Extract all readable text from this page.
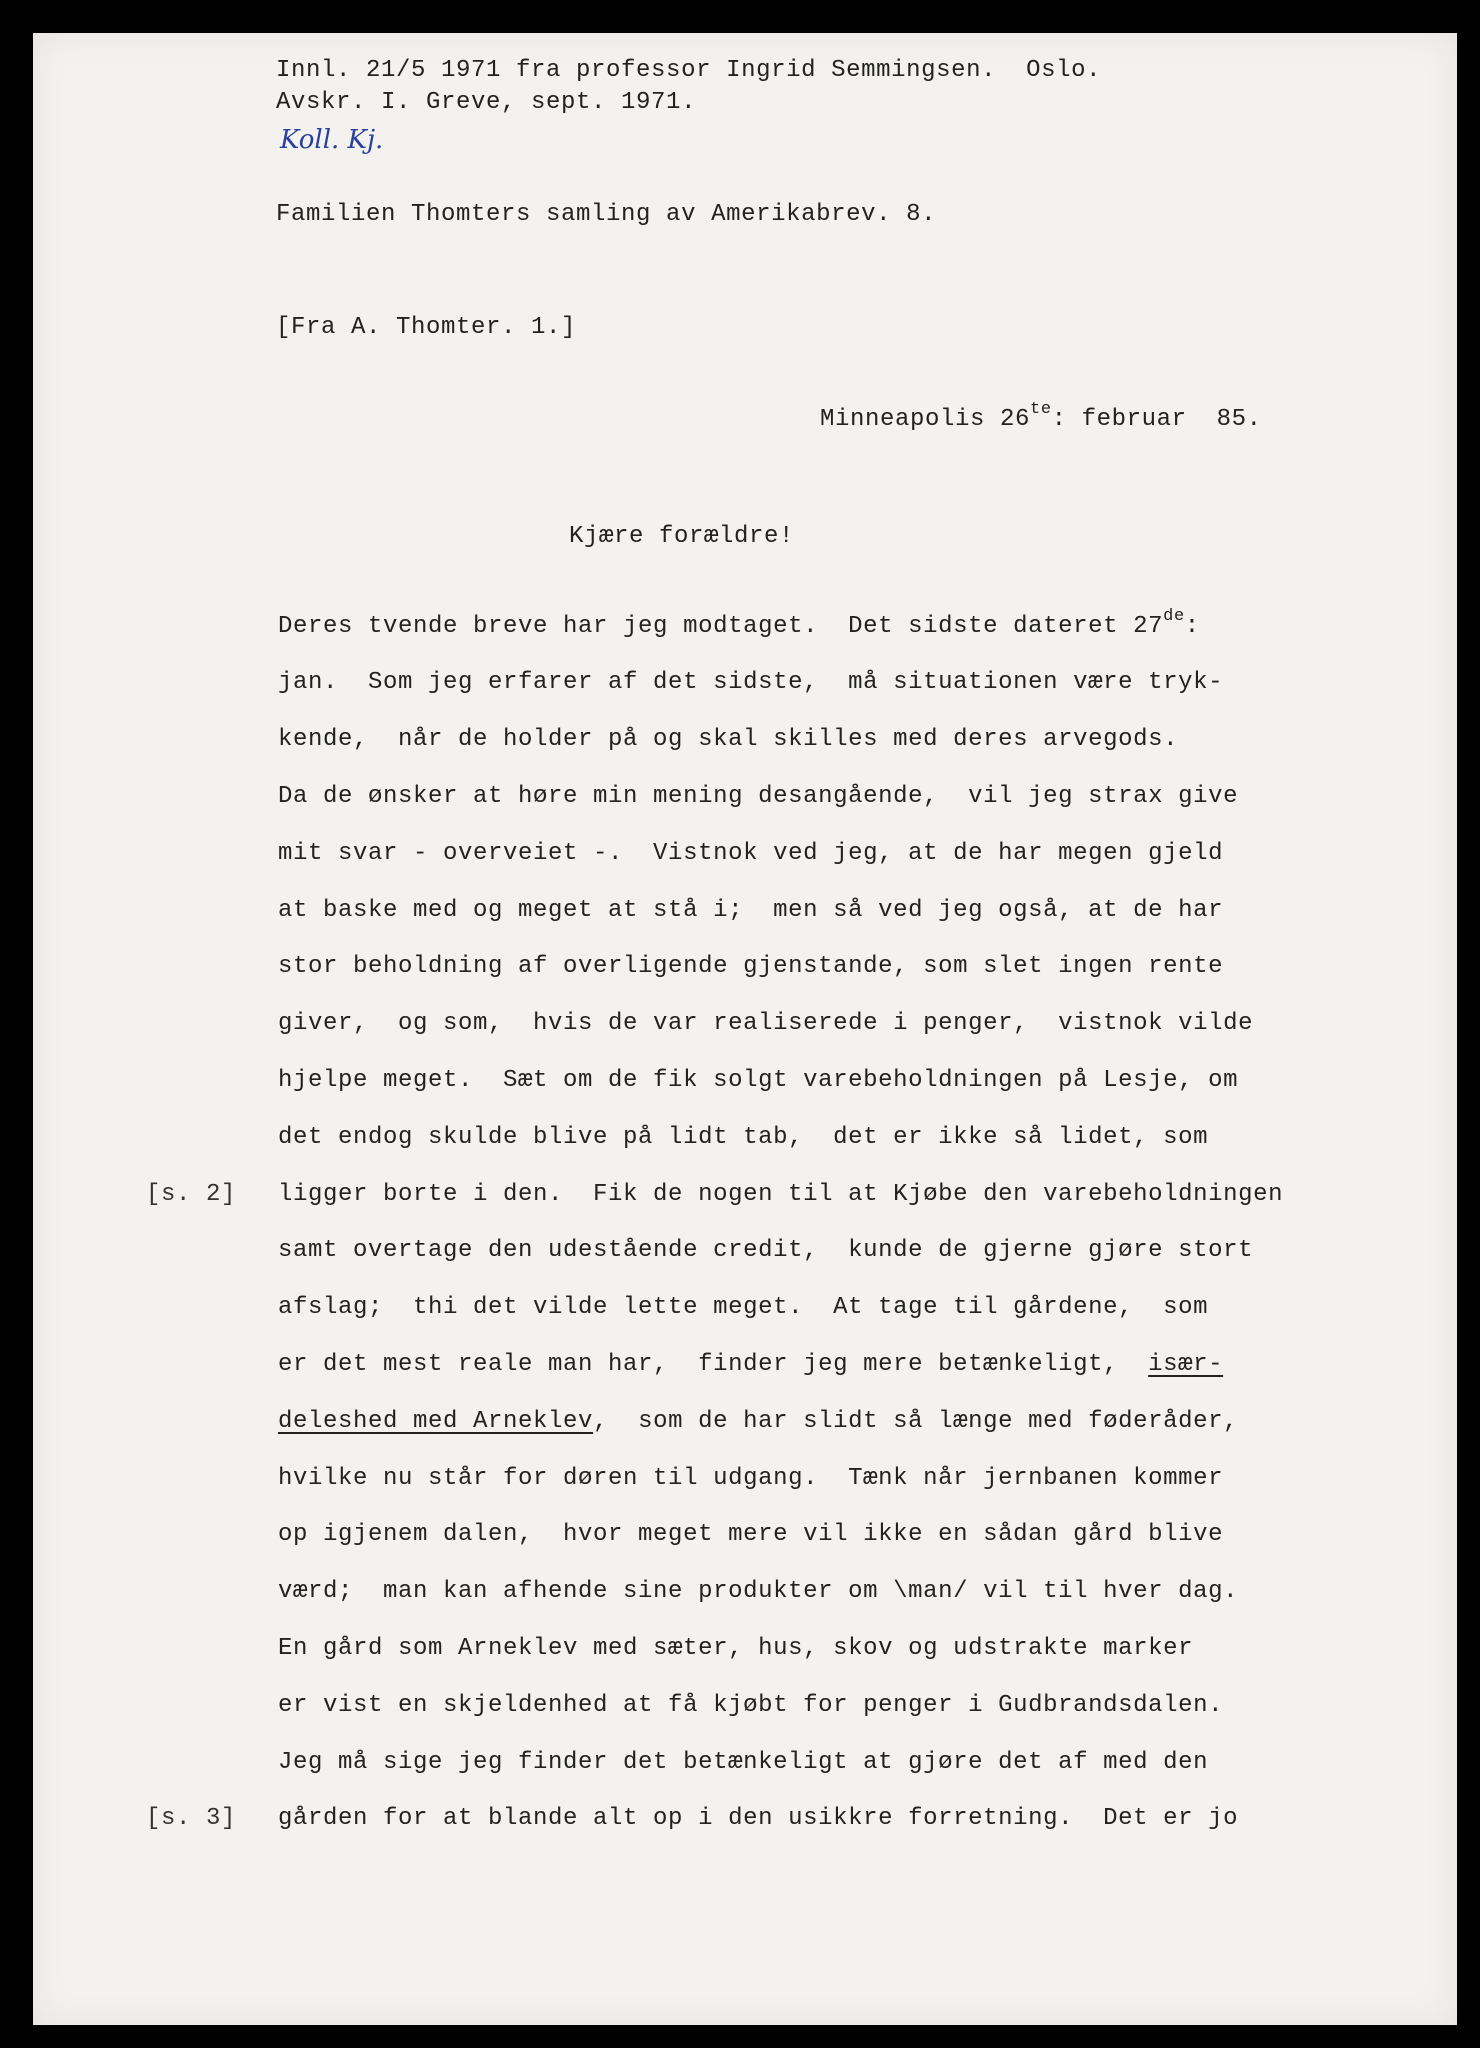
Innl. 21/5 1971 fra professor Ingrid Semmingsen.  Oslo.
Avskr. I. Greve, sept. 1971.
Koll. Kj.
Familien Thomters samling av Amerikabrev. 8.
[Fra A. Thomter. 1.]
Minneapolis $26^{te}$: februar  85.
Kjære forældre!
Deres tvende breve har jeg modtaget.  Det sidste dateret 27de:
jan.  Som jeg erfarer af det sidste,  må situationen være tryk-
kende,  når de holder på og skal skilles med deres arvegods.
Da de ønsker at høre min mening desangående,  vil jeg strax give
mit svar - overveiet -.  Vistnok ved jeg, at de har megen gjeld
at baske med og meget at stå i;  men så ved jeg også, at de har
stor beholdning af overligende gjenstande, som slet ingen rente
giver,  og som,  hvis de var realiserede i penger,  vistnok vilde
hjelpe meget.  Sæt om de fik solgt varebeholdningen på Lesje, om
det endog skulde blive på lidt tab,  det er ikke så lidet, som
ligger borte i den.  Fik de nogen til at Kjøbe den varebeholdningen
samt overtage den udestående credit,  kunde de gjerne gjøre stort
afslag;  thi det vilde lette meget.  At tage til gårdene,  som
er det mest reale man har,  finder jeg mere betænkeligt,  især-
deleshed med Arneklev,  som de har slidt så længe med føderåder,
hvilke nu står for døren til udgang.  Tænk når jernbanen kommer
op igjenem dalen,  hvor meget mere vil ikke en sådan gård blive
værd;  man kan afhende sine produkter om \man/ vil til hver dag.
En gård som Arneklev med sæter, hus, skov og udstrakte marker
er vist en skjeldenhed at få kjøbt for penger i Gudbrandsdalen.
Jeg må sige jeg finder det betænkeligt at gjøre det af med den
gården for at blande alt op i den usikkre forretning.  Det er jo
[s. 2]
[s. 3]
